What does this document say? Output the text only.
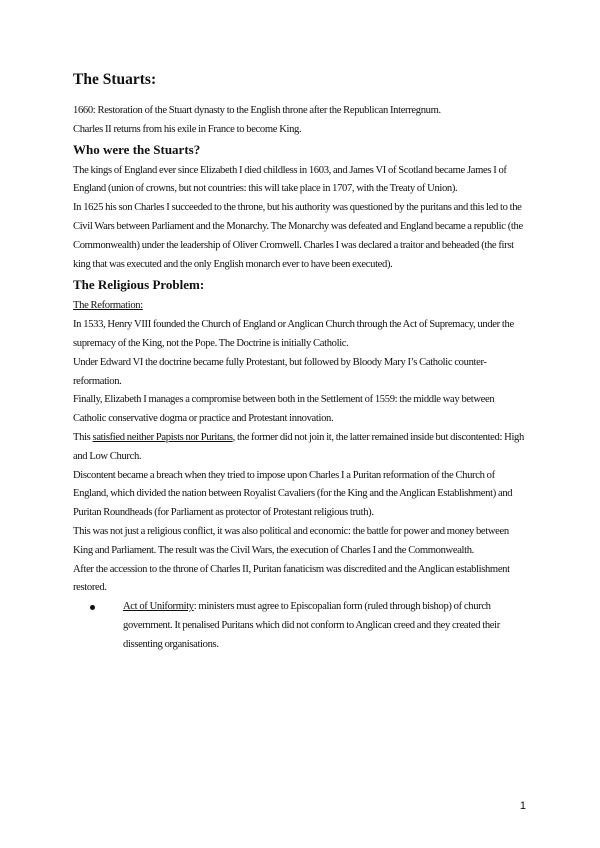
The Stuarts:

1660: Restoration of the Stuart dynasty to the English throne after the Republican Interregnum.

Charles II returns from his exile in France to become King.

Who were the Stuarts?

The kings of England ever since Elizabeth I died childless in 1603, and James VI of Scotland became James I of England (union of crowns, but not countries: this will take place in 1707, with the Treaty of Union).

In 1625 his son Charles I succeeded to the throne, but his authority was questioned by the puritans and this led to the Civil Wars between Parliament and the Monarchy. The Monarchy was defeated and England became a republic (the Commonwealth) under the leadership of Oliver Cromwell. Charles I was declared a traitor and beheaded (the first king that was executed and the only English monarch ever to have been executed).

The Religious Problem:

The Reformation:

In 1533, Henry VIII founded the Church of England or Anglican Church through the Act of Supremacy, under the supremacy of the King, not the Pope. The Doctrine is initially Catholic.

Under Edward VI the doctrine became fully Protestant, but followed by Bloody Mary I’s Catholic counter-reformation.

Finally, Elizabeth I manages a compromise between both in the Settlement of 1559: the middle way between Catholic conservative dogma or practice and Protestant innovation.

This satisfied neither Papists nor Puritans, the former did not join it, the latter remained inside but discontented: High and Low Church.

Discontent became a breach when they tried to impose upon Charles I a Puritan reformation of the Church of England, which divided the nation between Royalist Cavaliers (for the King and the Anglican Establishment) and Puritan Roundheads (for Parliament as protector of Protestant religious truth).

This was not just a religious conflict, it was also political and economic: the battle for power and money between King and Parliament. The result was the Civil Wars, the execution of Charles I and the Commonwealth.

After the accession to the throne of Charles II, Puritan fanaticism was discredited and the Anglican establishment restored.

Act of Uniformity: ministers must agree to Episcopalian form (ruled through bishop) of church government. It penalised Puritans which did not conform to Anglican creed and they created their dissenting organisations.

1
